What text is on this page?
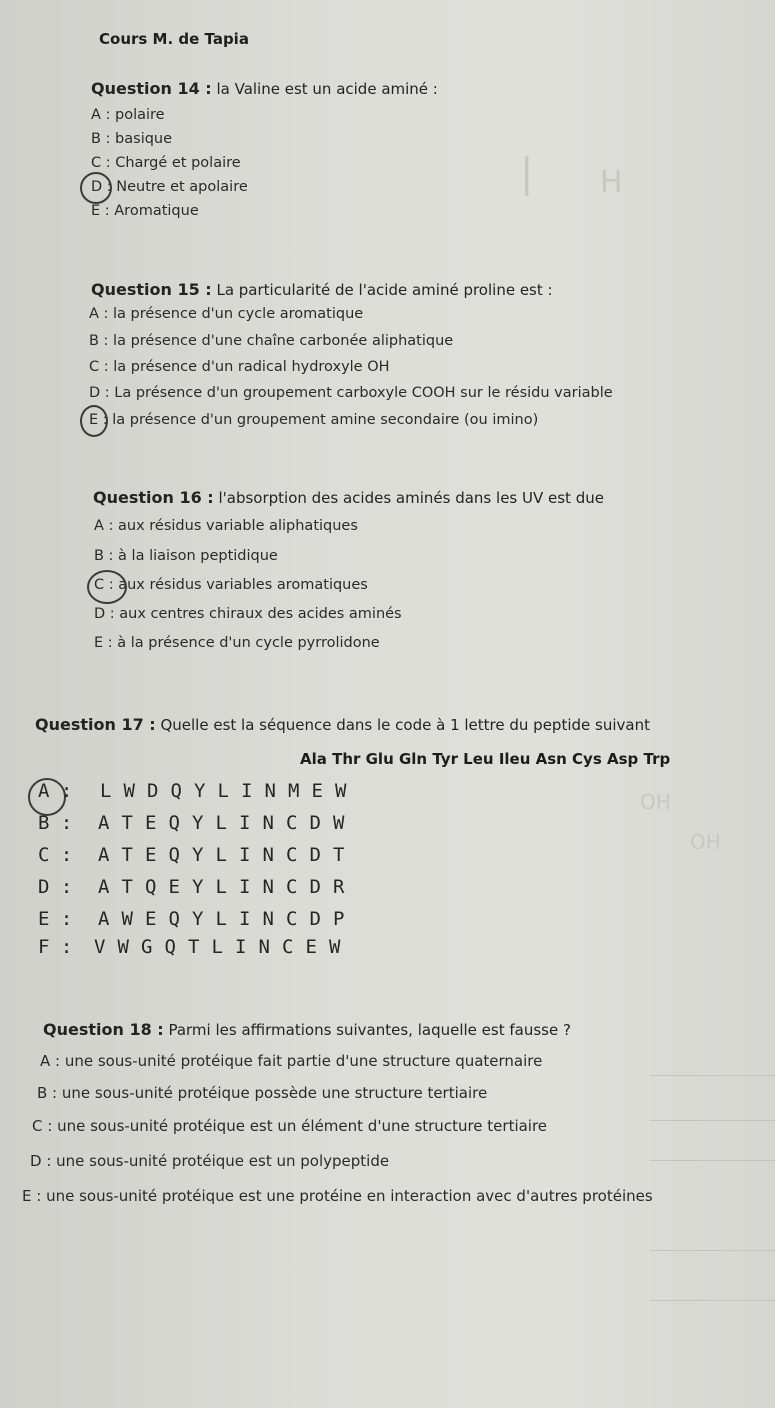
| H
OH
OH
Cours M. de Tapia
Question 14 : la Valine est un acide aminé :
A : polaire
B : basique
C : Chargé et polaire
D : Neutre et apolaire
E : Aromatique
Question 15 : La particularité de l'acide aminé proline est :
A : la présence d'un cycle aromatique
B : la présence d'une chaîne carbonée aliphatique
C : la présence d'un radical hydroxyle OH
D : La présence d'un groupement carboxyle COOH sur le résidu variable
E : la présence d'un groupement amine secondaire (ou imino)
Question 16 : l'absorption des acides aminés dans les UV est due
A : aux résidus variable aliphatiques
B : à la liaison peptidique
C : aux résidus variables aromatiques
D : aux centres chiraux des acides aminés
E : à la présence d'un cycle pyrrolidone
Question 17 : Quelle est la séquence dans le code à 1 lettre du peptide suivant
Ala Thr Glu Gln Tyr Leu Ileu Asn Cys Asp Trp
A : L W D Q Y L I N M E W
B : A T E Q Y L I N C D W
C : A T E Q Y L I N C D T
D : A T Q E Y L I N C D R
E : A W E Q Y L I N C D P
F : V W G Q T L I N C E W
Question 18 : Parmi les affirmations suivantes, laquelle est fausse ?
A : une sous-unité protéique fait partie d'une structure quaternaire
B : une sous-unité protéique possède une structure tertiaire
C : une sous-unité protéique est un élément d'une structure tertiaire
D : une sous-unité protéique est un polypeptide
E : une sous-unité protéique est une protéine en interaction avec d'autres protéines
